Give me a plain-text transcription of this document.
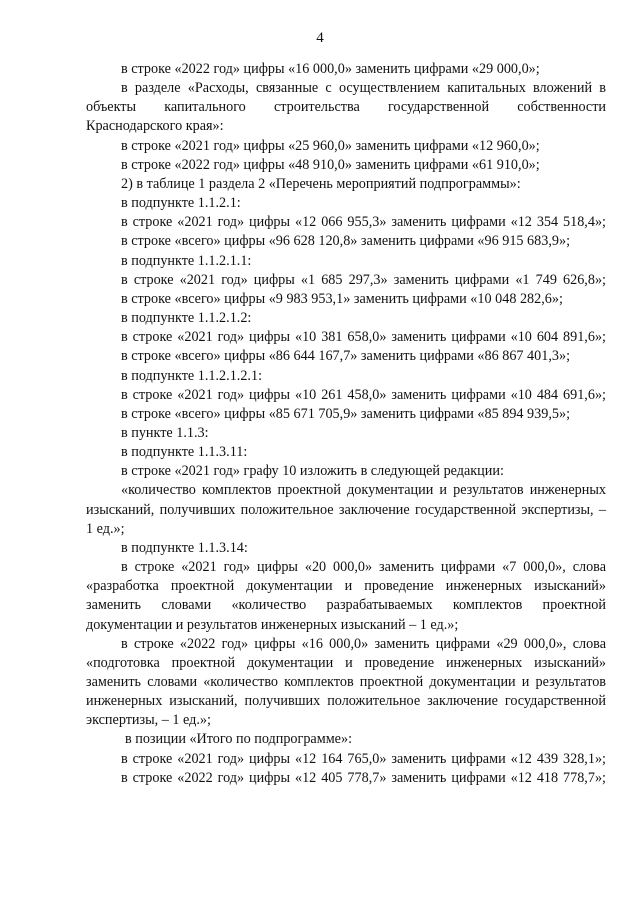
4

в строке «2022 год» цифры «16 000,0» заменить цифрами «29 000,0»;

в разделе «Расходы, связанные с осуществлением капитальных вложений в объекты капитального строительства государственной собственности Краснодарского края»:

в строке «2021 год» цифры «25 960,0» заменить цифрами «12 960,0»;

в строке «2022 год» цифры «48 910,0» заменить цифрами «61 910,0»;

2) в таблице 1 раздела 2 «Перечень мероприятий подпрограммы»:

в подпункте 1.1.2.1:

в строке «2021 год» цифры «12 066 955,3» заменить цифрами «12 354 518,4»;

в строке «всего» цифры «96 628 120,8» заменить цифрами «96 915 683,9»;

в подпункте 1.1.2.1.1:

в строке «2021 год» цифры «1 685 297,3» заменить цифрами «1 749 626,8»;

в строке «всего» цифры «9 983 953,1» заменить цифрами «10 048 282,6»;

в подпункте 1.1.2.1.2:

в строке «2021 год» цифры «10 381 658,0» заменить цифрами «10 604 891,6»;

в строке «всего» цифры «86 644 167,7» заменить цифрами «86 867 401,3»;

в подпункте 1.1.2.1.2.1:

в строке «2021 год» цифры «10 261 458,0» заменить цифрами «10 484 691,6»;

в строке «всего» цифры «85 671 705,9» заменить цифрами «85 894 939,5»;

в пункте 1.1.3:

в подпункте 1.1.3.11:

в строке «2021 год» графу 10 изложить в следующей редакции:

«количество комплектов проектной документации и результатов инженерных изысканий, получивших положительное заключение государственной экспертизы, – 1 ед.»;

в подпункте 1.1.3.14:

в строке «2021 год» цифры «20 000,0» заменить цифрами «7 000,0», слова «разработка проектной документации и проведение инженерных изысканий» заменить словами «количество разрабатываемых комплектов проектной документации и результатов инженерных изысканий – 1 ед.»;

в строке «2022 год» цифры «16 000,0» заменить цифрами «29 000,0», слова «подготовка проектной документации и проведение инженерных изысканий» заменить словами «количество комплектов проектной документации и результатов инженерных изысканий, получивших положительное заключение государственной экспертизы, – 1 ед.»;

в позиции «Итого по подпрограмме»:

в строке «2021 год» цифры «12 164 765,0» заменить цифрами «12 439 328,1»;

в строке «2022 год» цифры «12 405 778,7» заменить цифрами «12 418 778,7»;
